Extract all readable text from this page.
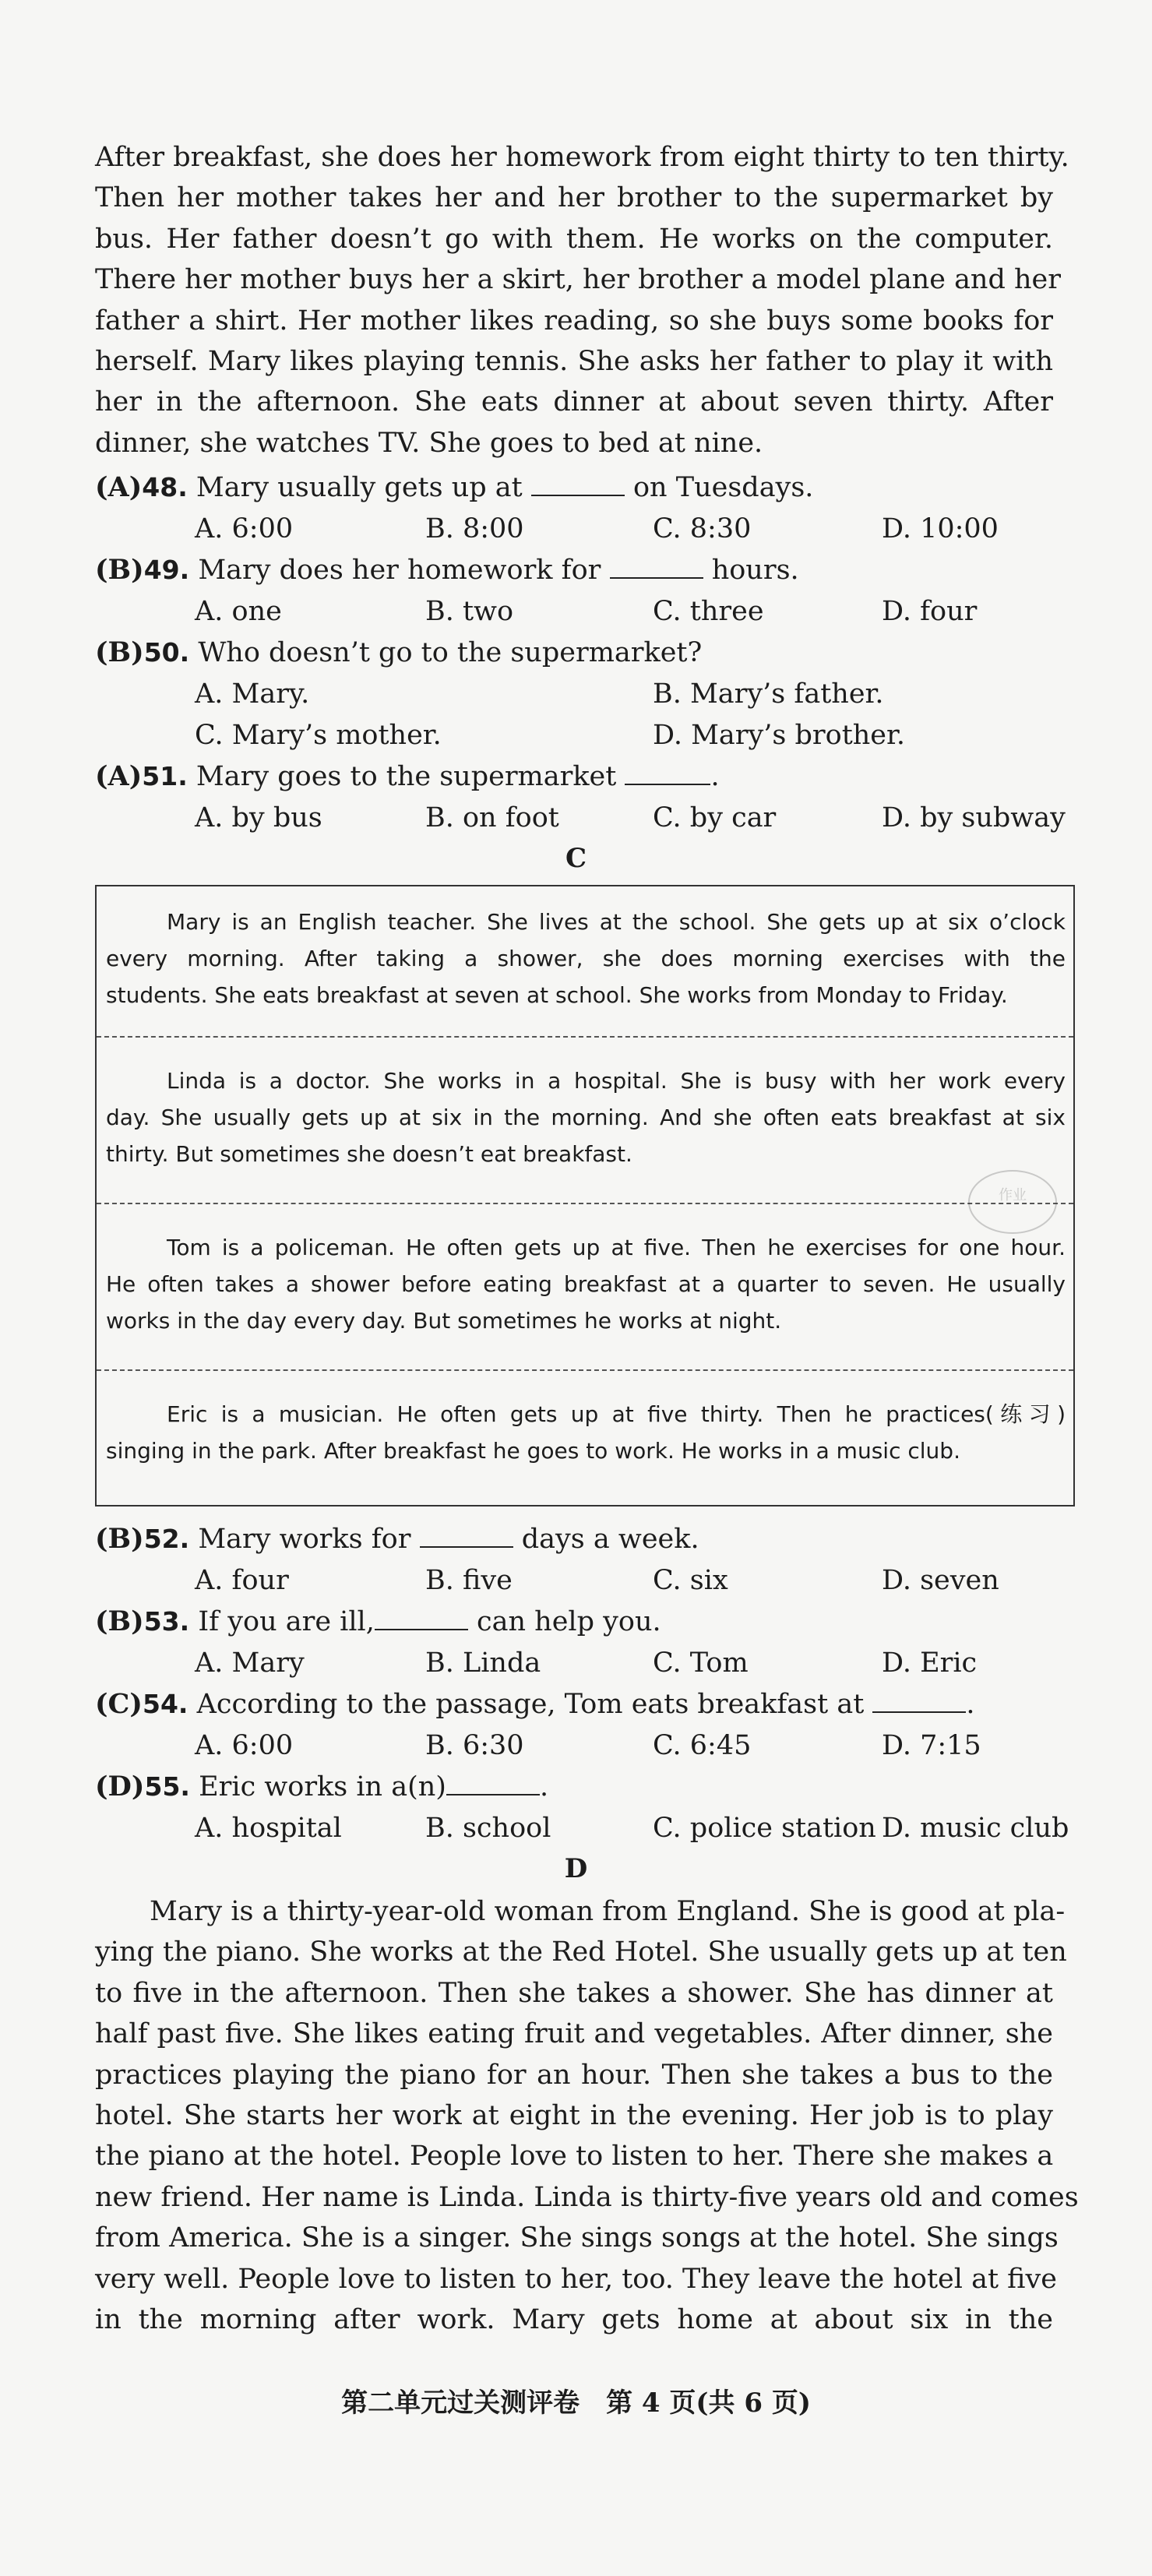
After breakfast, she does her homework from eight thirty to ten thirty.
Then her mother takes her and her brother to the supermarket by
bus. Her father doesn’t go with them. He works on the computer.
There her mother buys her a skirt, her brother a model plane and her
father a shirt. Her mother likes reading, so she buys some books for
herself. Mary likes playing tennis. She asks her father to play it with
her in the afternoon. She eats dinner at about seven thirty. After
dinner, she watches TV. She goes to bed at nine.
(A)48. Mary usually gets up at	on Tuesdays.
A. 6:00	B. 8:00	C. 8:30	D. 10:00
(B)49. Mary does her homework for	hours.
A. one	B. two	C. three	D. four
(B)50. Who doesn’t go to the supermarket?
A. Mary.	B. Mary’s father.
C. Mary’s mother.	D. Mary’s brother.
(A)51. Mary goes to the supermarket	.
A. by bus	B. on foot	C. by car	D. by subway
C
Mary is an English teacher. She lives at the school. She gets up at six o’clock
every morning. After taking a shower, she does morning exercises with the
students. She eats breakfast at seven at school. She works from Monday to Friday.
Linda is a doctor. She works in a hospital. She is busy with her work every
day. She usually gets up at six in the morning. And she often eats breakfast at six
thirty. But sometimes she doesn’t eat breakfast.
Tom is a policeman. He often gets up at five. Then he exercises for one hour.
He often takes a shower before eating breakfast at a quarter to seven. He usually
works in the day every day. But sometimes he works at night.
Eric is a musician. He often gets up at five thirty. Then he practices(练习)
singing in the park. After breakfast he goes to work. He works in a music club.
作业
(B)52. Mary works for	days a week.
A. four	B. five	C. six	D. seven
(B)53. If you are ill,	can help you.
A. Mary	B. Linda	C. Tom	D. Eric
(C)54. According to the passage, Tom eats breakfast at	.
A. 6:00	B. 6:30	C. 6:45	D. 7:15
(D)55. Eric works in a(n)	.
A. hospital	B. school	C. police station D. music club
D
Mary is a thirty-year-old woman from England. She is good at pla-
ying the piano. She works at the Red Hotel. She usually gets up at ten
to five in the afternoon. Then she takes a shower. She has dinner at
half past five. She likes eating fruit and vegetables. After dinner, she
practices playing the piano for an hour. Then she takes a bus to the
hotel. She starts her work at eight in the evening. Her job is to play
the piano at the hotel. People love to listen to her. There she makes a
new friend. Her name is Linda. Linda is thirty-five years old and comes
from America. She is a singer. She sings songs at the hotel. She sings
very well. People love to listen to her, too. They leave the hotel at five
in the morning after work. Mary gets home at about six in the
第二单元过关测评卷　第 4 页(共 6 页)
